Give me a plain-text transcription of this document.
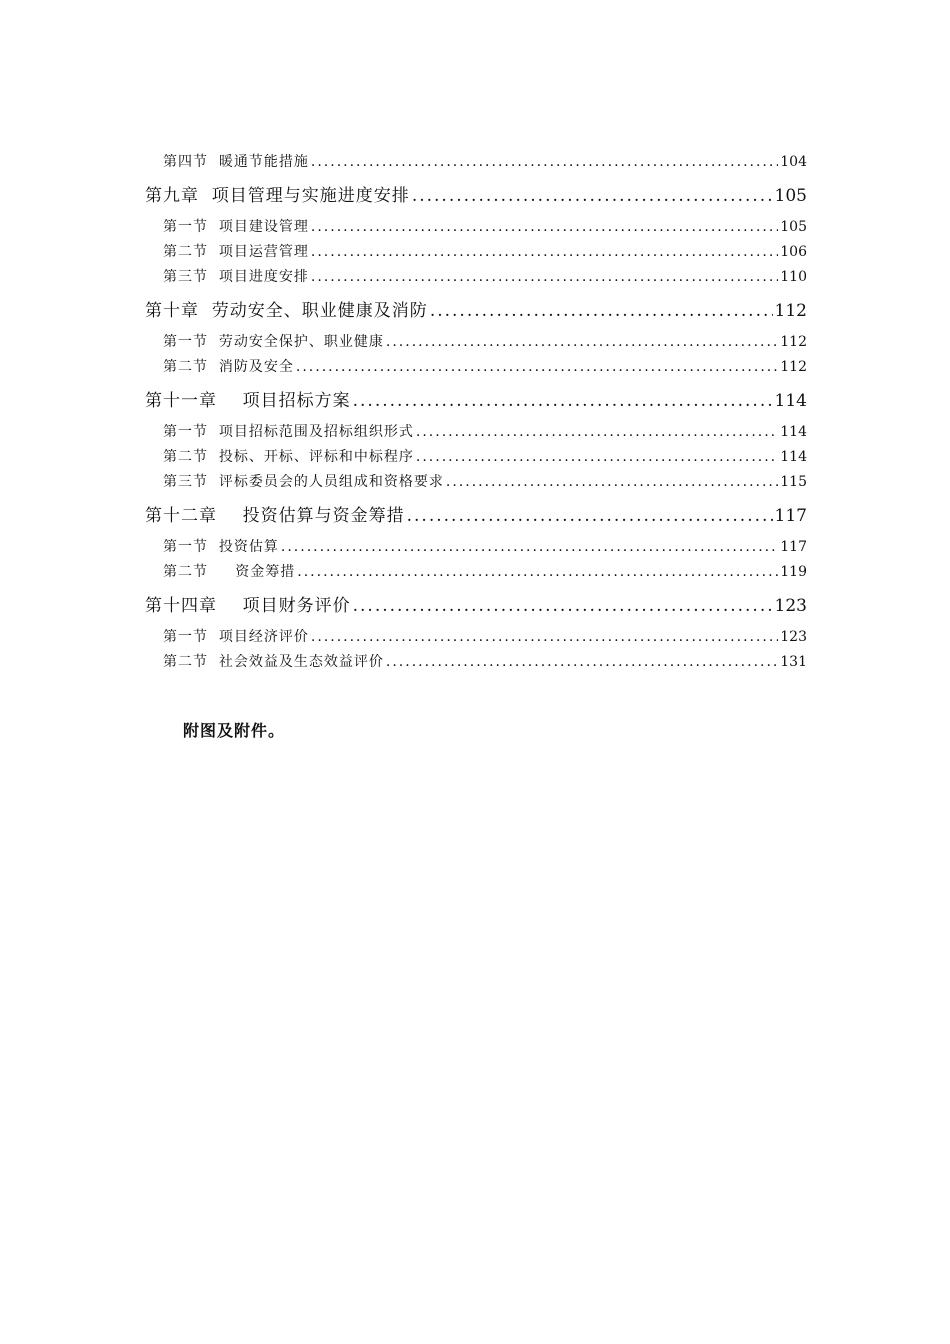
第四节  暖通节能措施 .....	104
第九章  项目管理与实施进度安排 .....	105
第一节  项目建设管理 .....	105
第二节  项目运营管理 .....	106
第三节  项目进度安排 .....	110
第十章  劳动安全、职业健康及消防 .....	112
第一节  劳动安全保护、职业健康 .....	112
第二节  消防及安全 .....	112
第十一章    项目招标方案 .....	114
第一节  项目招标范围及招标组织形式 .....	114
第二节  投标、开标、评标和中标程序 .....	114
第三节  评标委员会的人员组成和资格要求 .....	115
第十二章    投资估算与资金筹措 .....	117
第一节  投资估算 .....	117
第二节     资金筹措 .....	119
第十四章    项目财务评价 .....	123
第一节  项目经济评价 .....	123
第二节  社会效益及生态效益评价 .....	131
附图及附件。
